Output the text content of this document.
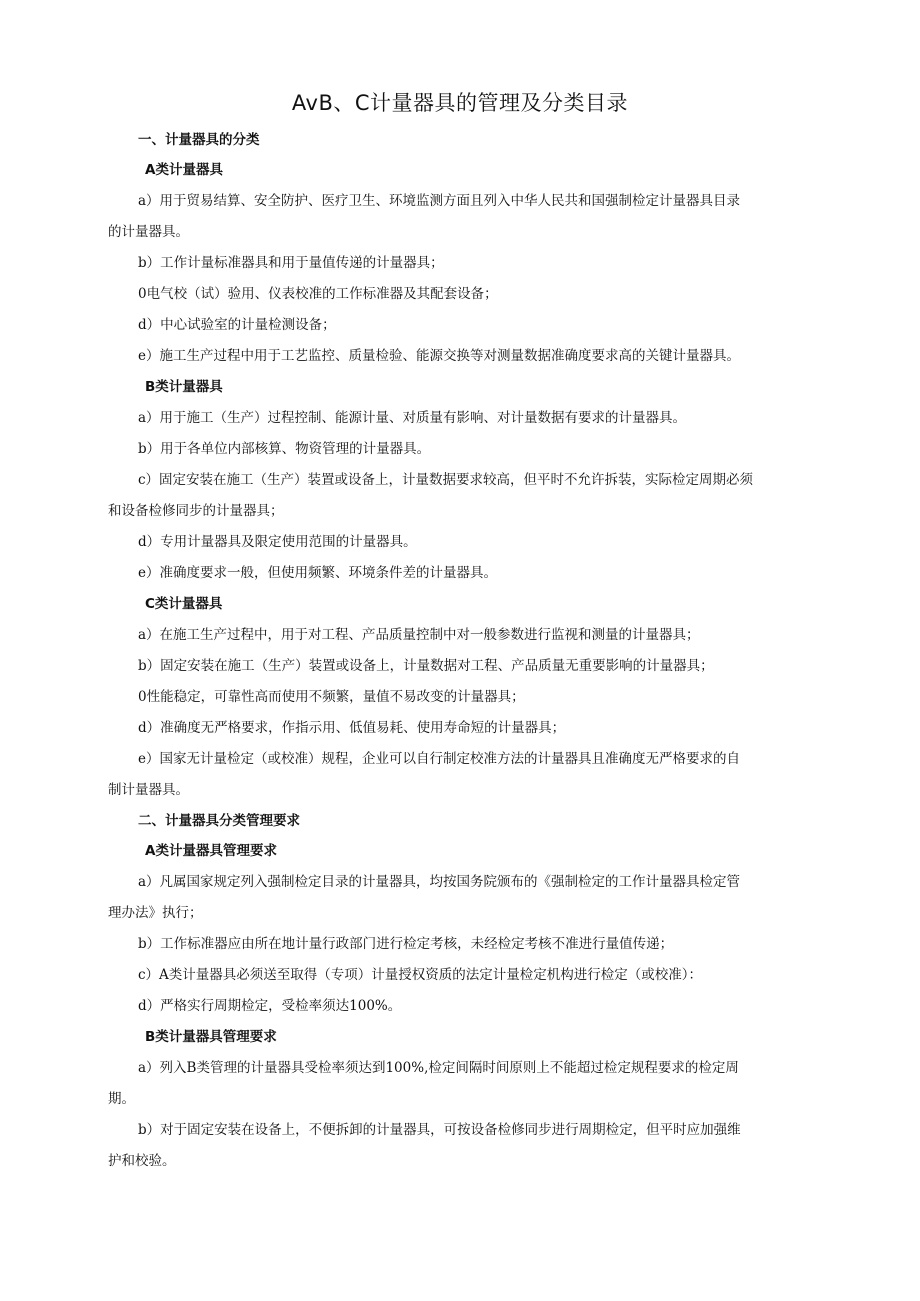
AvB、C计量器具的管理及分类目录
一、计量器具的分类
A类计量器具
a）用于贸易结算、安全防护、医疗卫生、环境监测方面且列入中华人民共和国强制检定计量器具目录
的计量器具。
b）工作计量标准器具和用于量值传递的计量器具；
0电气校（试）验用、仪表校准的工作标准器及其配套设备；
d）中心试验室的计量检测设备；
e）施工生产过程中用于工艺监控、质量检验、能源交换等对测量数据准确度要求高的关键计量器具。
B类计量器具
a）用于施工（生产）过程控制、能源计量、对质量有影响、对计量数据有要求的计量器具。
b）用于各单位内部核算、物资管理的计量器具。
c）固定安装在施工（生产）装置或设备上，计量数据要求较高，但平时不允许拆装，实际检定周期必须
和设备检修同步的计量器具；
d）专用计量器具及限定使用范围的计量器具。
e）准确度要求一般，但使用频繁、环境条件差的计量器具。
C类计量器具
a）在施工生产过程中，用于对工程、产品质量控制中对一般参数进行监视和测量的计量器具；
b）固定安装在施工（生产）装置或设备上，计量数据对工程、产品质量无重要影响的计量器具；
0性能稳定，可靠性高而使用不频繁，量值不易改变的计量器具；
d）准确度无严格要求，作指示用、低值易耗、使用寿命短的计量器具；
e）国家无计量检定（或校准）规程，企业可以自行制定校准方法的计量器具且准确度无严格要求的自
制计量器具。
二、计量器具分类管理要求
A类计量器具管理要求
a）凡属国家规定列入强制检定目录的计量器具，均按国务院颁布的《强制检定的工作计量器具检定管
理办法》执行；
b）工作标准器应由所在地计量行政部门进行检定考核，未经检定考核不准进行量值传递；
c）A类计量器具必须送至取得（专项）计量授权资质的法定计量检定机构进行检定（或校准）：
d）严格实行周期检定，受检率须达100%。
B类计量器具管理要求
a）列入B类管理的计量器具受检率须达到100%,检定间隔时间原则上不能超过检定规程要求的检定周
期。
b）对于固定安装在设备上，不便拆卸的计量器具，可按设备检修同步进行周期检定，但平时应加强维
护和校验。
